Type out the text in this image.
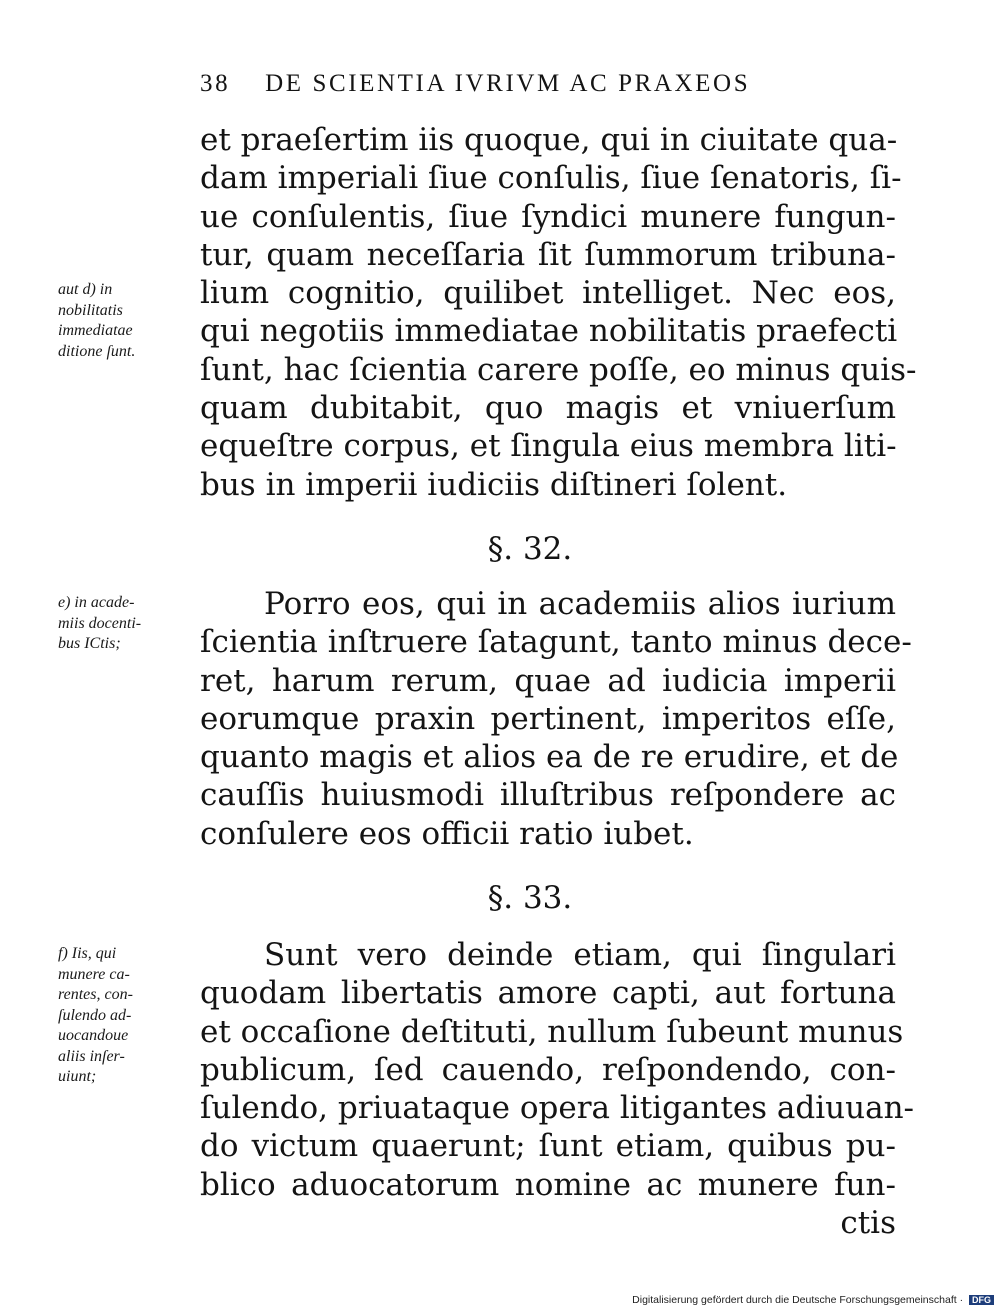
38 DE SCIENTIA IVRIVM AC PRAXEOS
et praeſertim iis quoque, qui in ciuitate qua-
dam imperiali ſiue conſulis, ſiue ſenatoris, ſi-
ue conſulentis, ſiue ſyndici munere fungun-
tur, quam neceſſaria ſit ſummorum tribuna-
lium cognitio, quilibet intelliget. Nec eos,
qui negotiis immediatae nobilitatis praefecti
ſunt, hac ſcientia carere poſſe, eo minus quis-
quam dubitabit, quo magis et vniuerſum
equeſtre corpus, et ſingula eius membra liti-
bus in imperii iudiciis diſtineri ſolent.
§. 32.
Porro eos, qui in academiis alios iurium
ſcientia inſtruere ſatagunt, tanto minus dece-
ret, harum rerum, quae ad iudicia imperii
eorumque praxin pertinent, imperitos eſſe,
quanto magis et alios ea de re erudire, et de
cauſſis huiusmodi illuſtribus reſpondere ac
conſulere eos officii ratio iubet.
§. 33.
Sunt vero deinde etiam, qui ſingulari
quodam libertatis amore capti, aut fortuna
et occaſione deſtituti, nullum ſubeunt munus
publicum, ſed cauendo, reſpondendo, con-
ſulendo, priuataque opera litigantes adiuuan-
do victum quaerunt; ſunt etiam, quibus pu-
blico aduocatorum nomine ac munere fun-
ctis
aut d) in
nobilitatis
immediatae
ditione ſunt.
e) in acade-
miis docenti-
bus ICtis;
f) Iis, qui
munere ca-
rentes, con-
ſulendo ad-
uocandoue
aliis inſer-
uiunt;
Digitalisierung gefördert durch die Deutsche Forschungsgemeinschaft · DFG
